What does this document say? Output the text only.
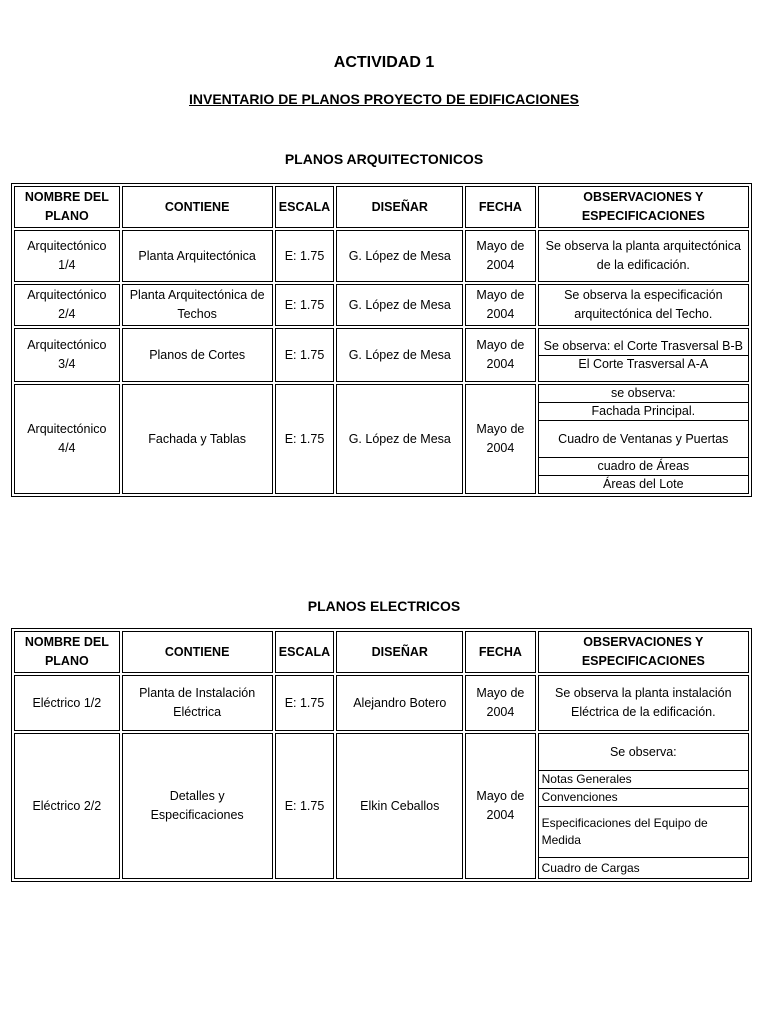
ACTIVIDAD 1
INVENTARIO DE PLANOS PROYECTO DE EDIFICACIONES
PLANOS ARQUITECTONICOS
NOMBRE DEL PLANO	CONTIENE	ESCALA	DISEÑAR	FECHA	OBSERVACIONES Y ESPECIFICACIONES
Arquitectónico 1/4	Planta Arquitectónica	E: 1.75	G. López de Mesa	Mayo de 2004	Se observa la planta arquitectónica de la edificación.
Arquitectónico 2/4	Planta Arquitectónica de Techos	E: 1.75	G. López de Mesa	Mayo de 2004	Se observa la especificación arquitectónica del Techo.
Arquitectónico 3/4	Planos de Cortes	E: 1.75	G. López de Mesa	Mayo de 2004	Se observa: el Corte Trasversal B-B
El Corte Trasversal A-A

Arquitectónico 4/4	Fachada y Tablas	E: 1.75	G. López de Mesa	Mayo de 2004	se observa:
Fachada Principal.
Cuadro de Ventanas y Puertas
cuadro de Áreas
Áreas del Lote
PLANOS ELECTRICOS
NOMBRE DEL PLANO	CONTIENE	ESCALA	DISEÑAR	FECHA	OBSERVACIONES Y ESPECIFICACIONES
Eléctrico 1/2	Planta de Instalación Eléctrica	E: 1.75	Alejandro Botero	Mayo de 2004	Se observa la planta instalación Eléctrica de la edificación.
Eléctrico 2/2	Detalles y Especificaciones	E: 1.75	Elkin Ceballos	Mayo de 2004	Se observa:
Notas Generales
Convenciones
Especificaciones del Equipo de Medida
Cuadro de Cargas
